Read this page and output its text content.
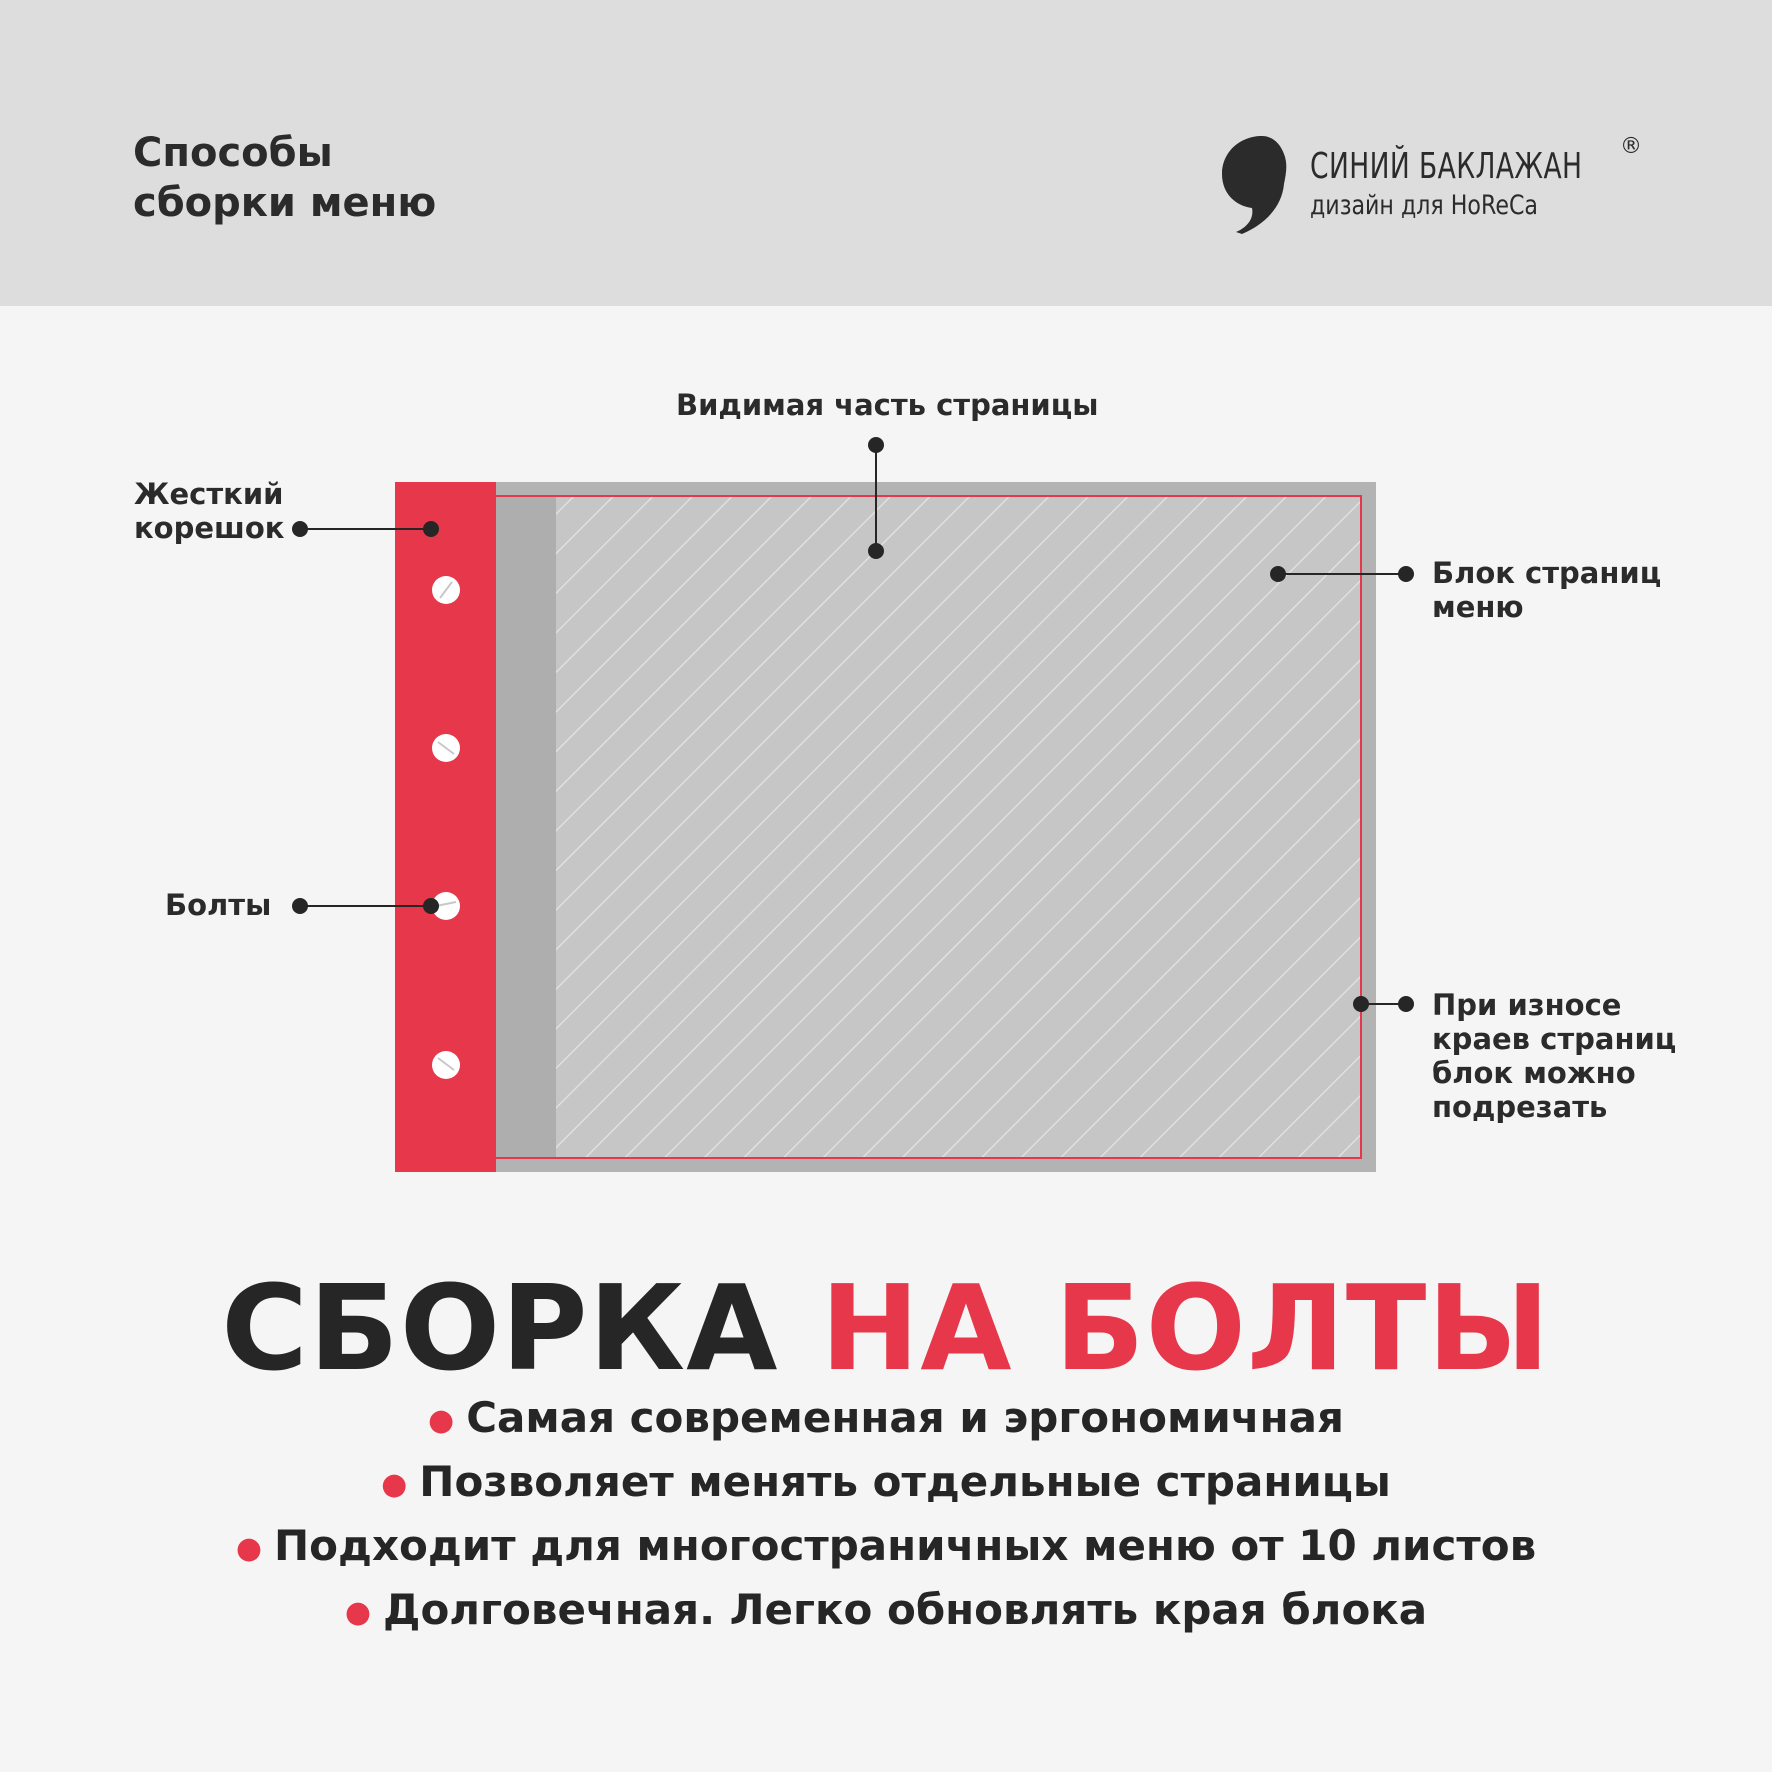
Способы
сборки меню
СИНИЙ БАКЛАЖАН ®
дизайн для HoReCa
Видимая часть страницы
Жесткий
корешок
Болты
Блок страниц
меню
При износе
краев страниц
блок можно
подрезать
СБОРКА НА БОЛТЫ
● Самая современная и эргономичная
● Позволяет менять отдельные страницы
● Подходит для многостраничных меню от 10 листов
● Долговечная. Легко обновлять края блока
